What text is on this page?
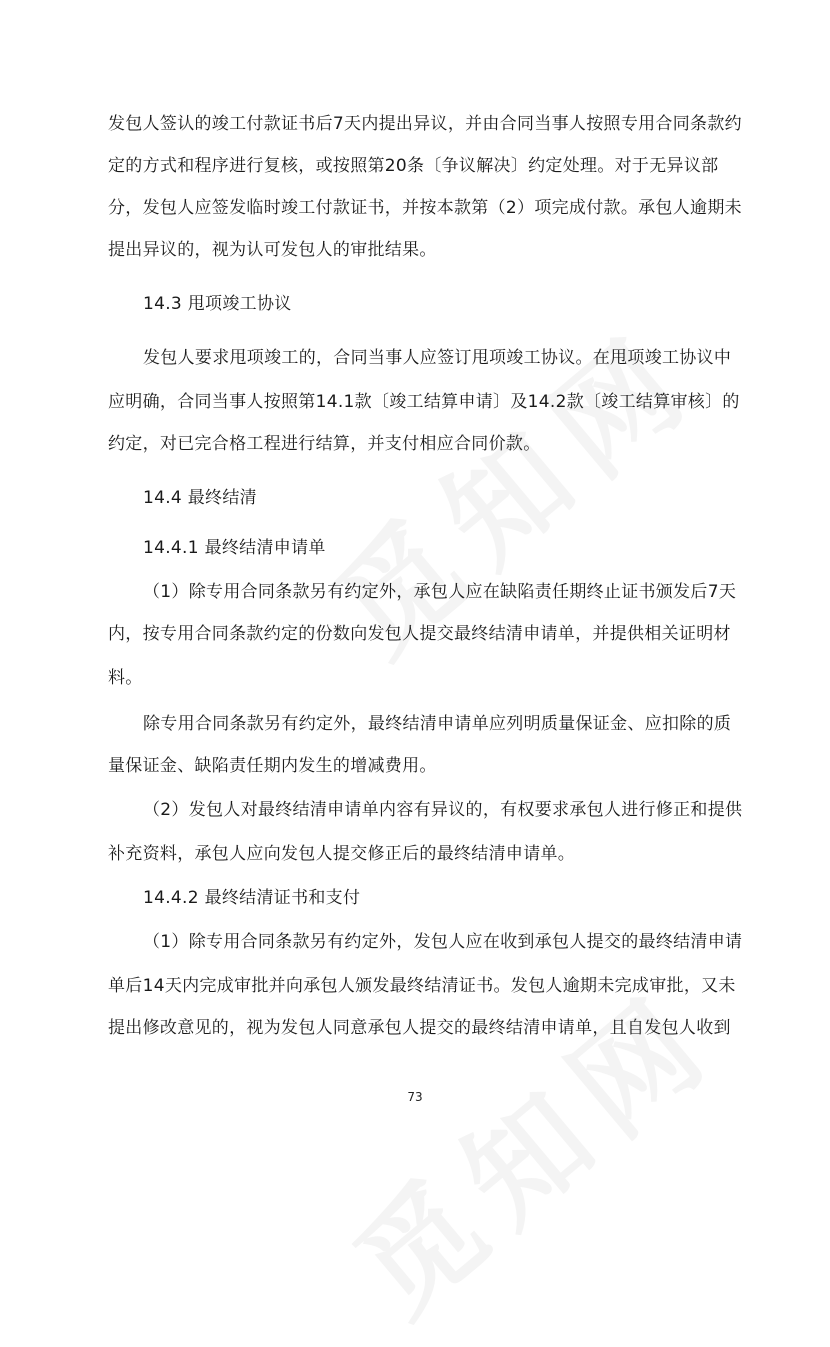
发包人签认的竣工付款证书后7天内提出异议，并由合同当事人按照专用合同条款约
定的方式和程序进行复核，或按照第20条〔争议解决〕约定处理。对于无异议部
分，发包人应签发临时竣工付款证书，并按本款第（2）项完成付款。承包人逾期未
提出异议的，视为认可发包人的审批结果。
14.3 甩项竣工协议
发包人要求甩项竣工的，合同当事人应签订甩项竣工协议。在甩项竣工协议中
应明确，合同当事人按照第14.1款〔竣工结算申请〕及14.2款〔竣工结算审核〕的
约定，对已完合格工程进行结算，并支付相应合同价款。
14.4 最终结清
14.4.1 最终结清申请单
（1）除专用合同条款另有约定外，承包人应在缺陷责任期终止证书颁发后7天
内，按专用合同条款约定的份数向发包人提交最终结清申请单，并提供相关证明材
料。
除专用合同条款另有约定外，最终结清申请单应列明质量保证金、应扣除的质
量保证金、缺陷责任期内发生的增减费用。
（2）发包人对最终结清申请单内容有异议的，有权要求承包人进行修正和提供
补充资料，承包人应向发包人提交修正后的最终结清申请单。
14.4.2 最终结清证书和支付
（1）除专用合同条款另有约定外，发包人应在收到承包人提交的最终结清申请
单后14天内完成审批并向承包人颁发最终结清证书。发包人逾期未完成审批，又未
提出修改意见的，视为发包人同意承包人提交的最终结清申请单，且自发包人收到
73
